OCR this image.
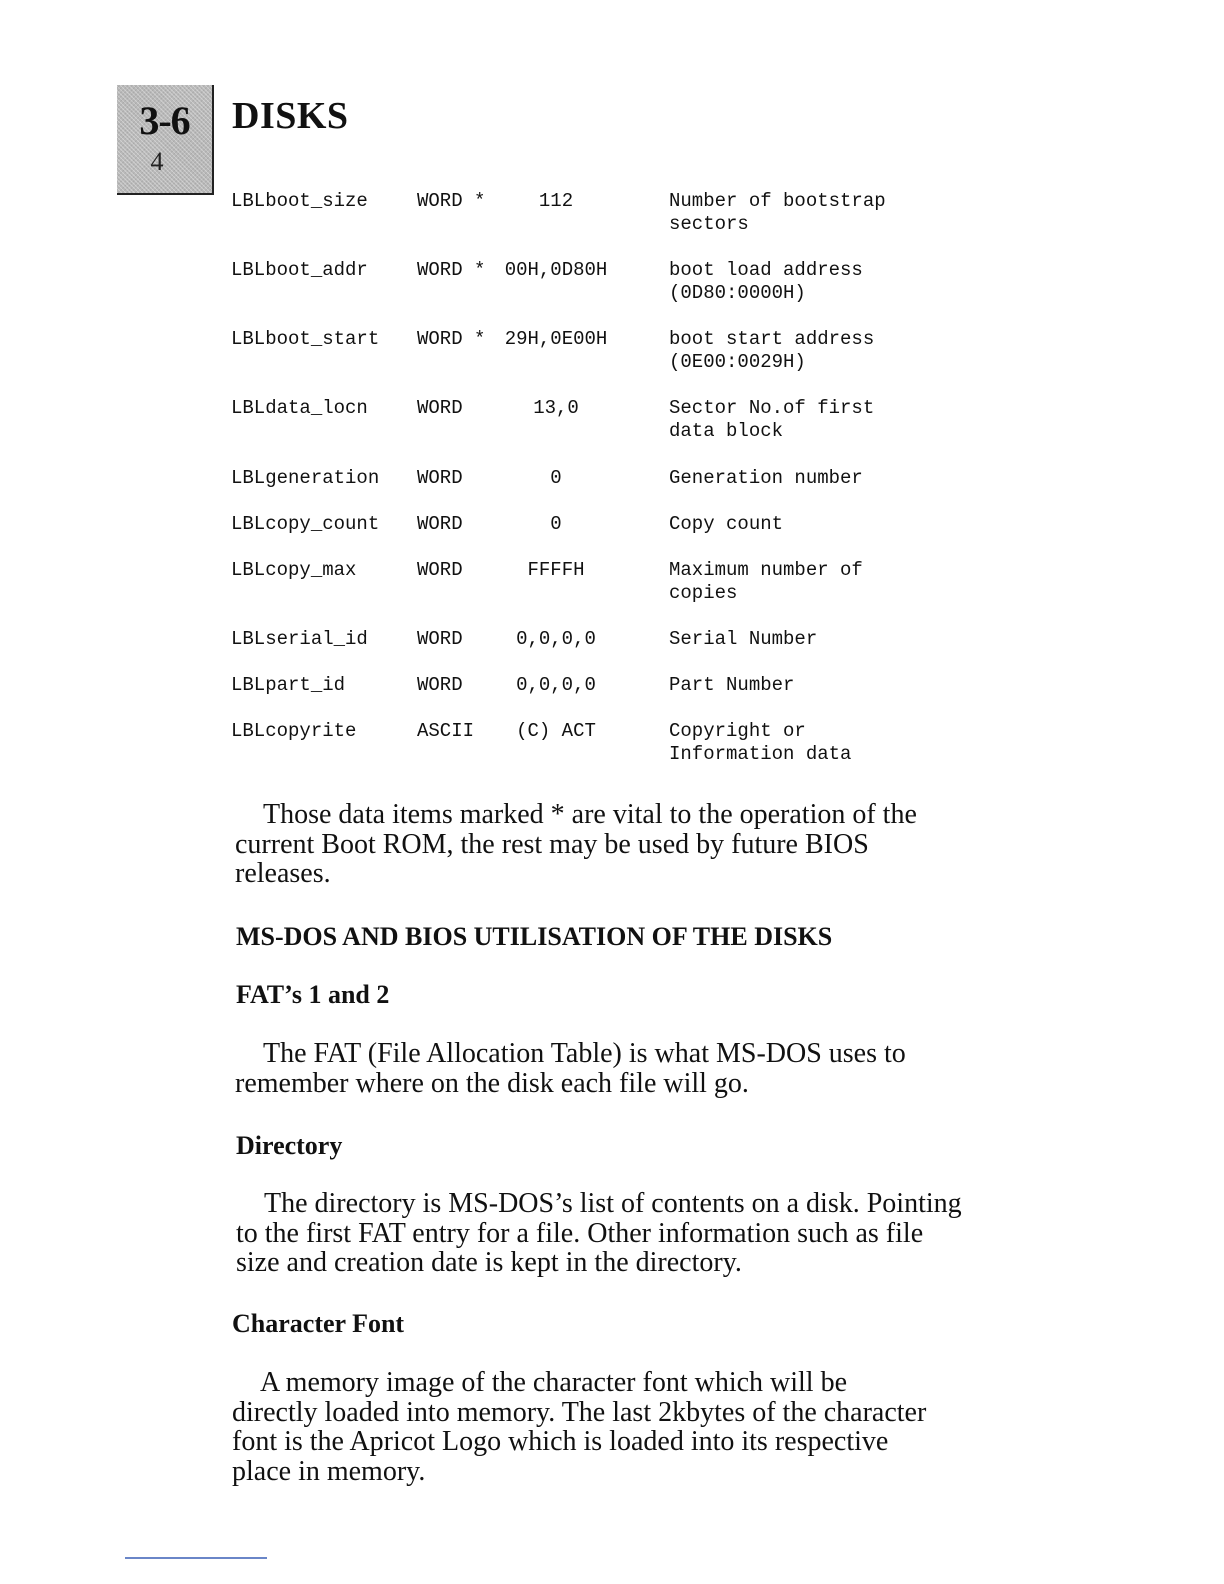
3-6
4
DISKS
LBLboot_size	WORD *	112	Number of bootstrap
sectors
LBLboot_addr	WORD *	00H,0D80H	boot load address
(0D80:0000H)
LBLboot_start WORD *	29H,0E00H	boot start address
(0E00:0029H)
LBLdata_locn	WORD	13,0	Sector No.of first
data block
LBLgeneration WORD	0	Generation number
LBLcopy_count WORD	0	Copy count
LBLcopy_max	WORD	FFFFH	Maximum number of
copies
LBLserial_id	WORD	0,0,0,0	Serial Number
LBLpart_id	WORD	0,0,0,0	Part Number
LBLcopyrite	ASCII	(C) ACT	Copyright or
Information data

Those data items marked * are vital to the operation of the current Boot ROM, the rest may be used by future BIOS releases.

MS-DOS AND BIOS UTILISATION OF THE DISKS
FAT’s 1 and 2

The FAT (File Allocation Table) is what MS-DOS uses to remember where on the disk each file will go.

Directory

The directory is MS-DOS’s list of contents on a disk. Pointing to the first FAT entry for a file. Other information such as file size and creation date is kept in the directory.

Character Font

A memory image of the character font which will be directly loaded into memory. The last 2kbytes of the character font is the Apricot Logo which is loaded into its respective place in memory.
